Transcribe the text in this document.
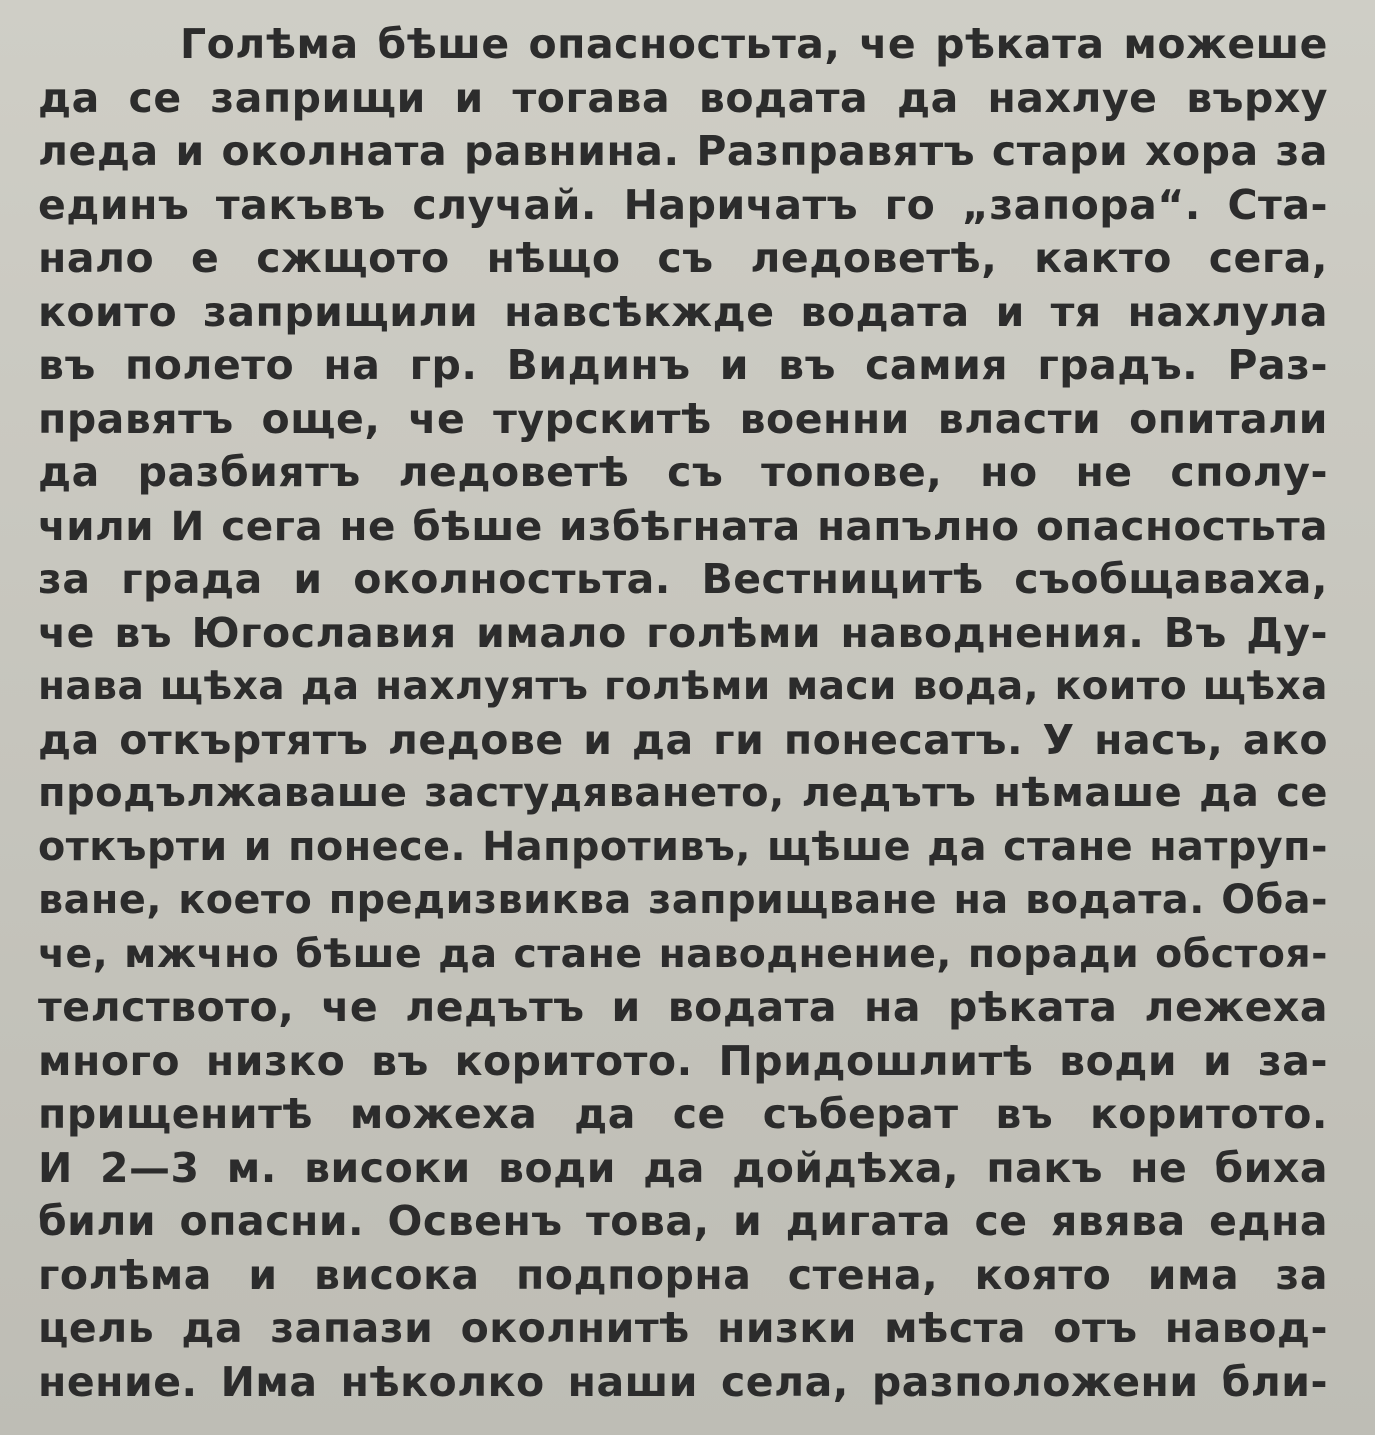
Голѣма бѣше опасностьта, че рѣката можеше
да се заприщи и тогава водата да нахлуе върху
леда и околната равнина. Разправятъ стари хора за
единъ такъвъ случай. Наричатъ го „запора“. Ста-
нало е сжщото нѣщо съ ледоветѣ, както сега,
които заприщили навсѣкжде водата и тя нахлула
въ полето на гр. Видинъ и въ самия градъ. Раз-
правятъ още, че турскитѣ военни власти опитали
да разбиятъ ледоветѣ съ топове, но не сполу-
чили И сега не бѣше избѣгната напълно опасностьта
за града и околностьта. Вестницитѣ съобщаваха,
че въ Югославия имало голѣми наводнения. Въ Ду-
нава щѣха да нахлуятъ голѣми маси вода, които щѣха
да откъртятъ ледове и да ги понесатъ. У насъ, ако
продължаваше застудяването, ледътъ нѣмаше да се
откърти и понесе. Напротивъ, щѣше да стане натруп-
ване, което предизвиква заприщване на водата. Оба-
че, мжчно бѣше да стане наводнение, поради обстоя-
телството, че ледътъ и водата на рѣката лежеха
много низко въ коритото. Придошлитѣ води и за-
прищенитѣ можеха да се съберат въ коритото.
И 2—3 м. високи води да дойдѣха, пакъ не биха
били опасни. Освенъ това, и дигата се явява една
голѣма и висока подпорна стена, която има за
цель да запази околнитѣ низки мѣста отъ навод-
нение. Има нѣколко наши села, разположени бли-
